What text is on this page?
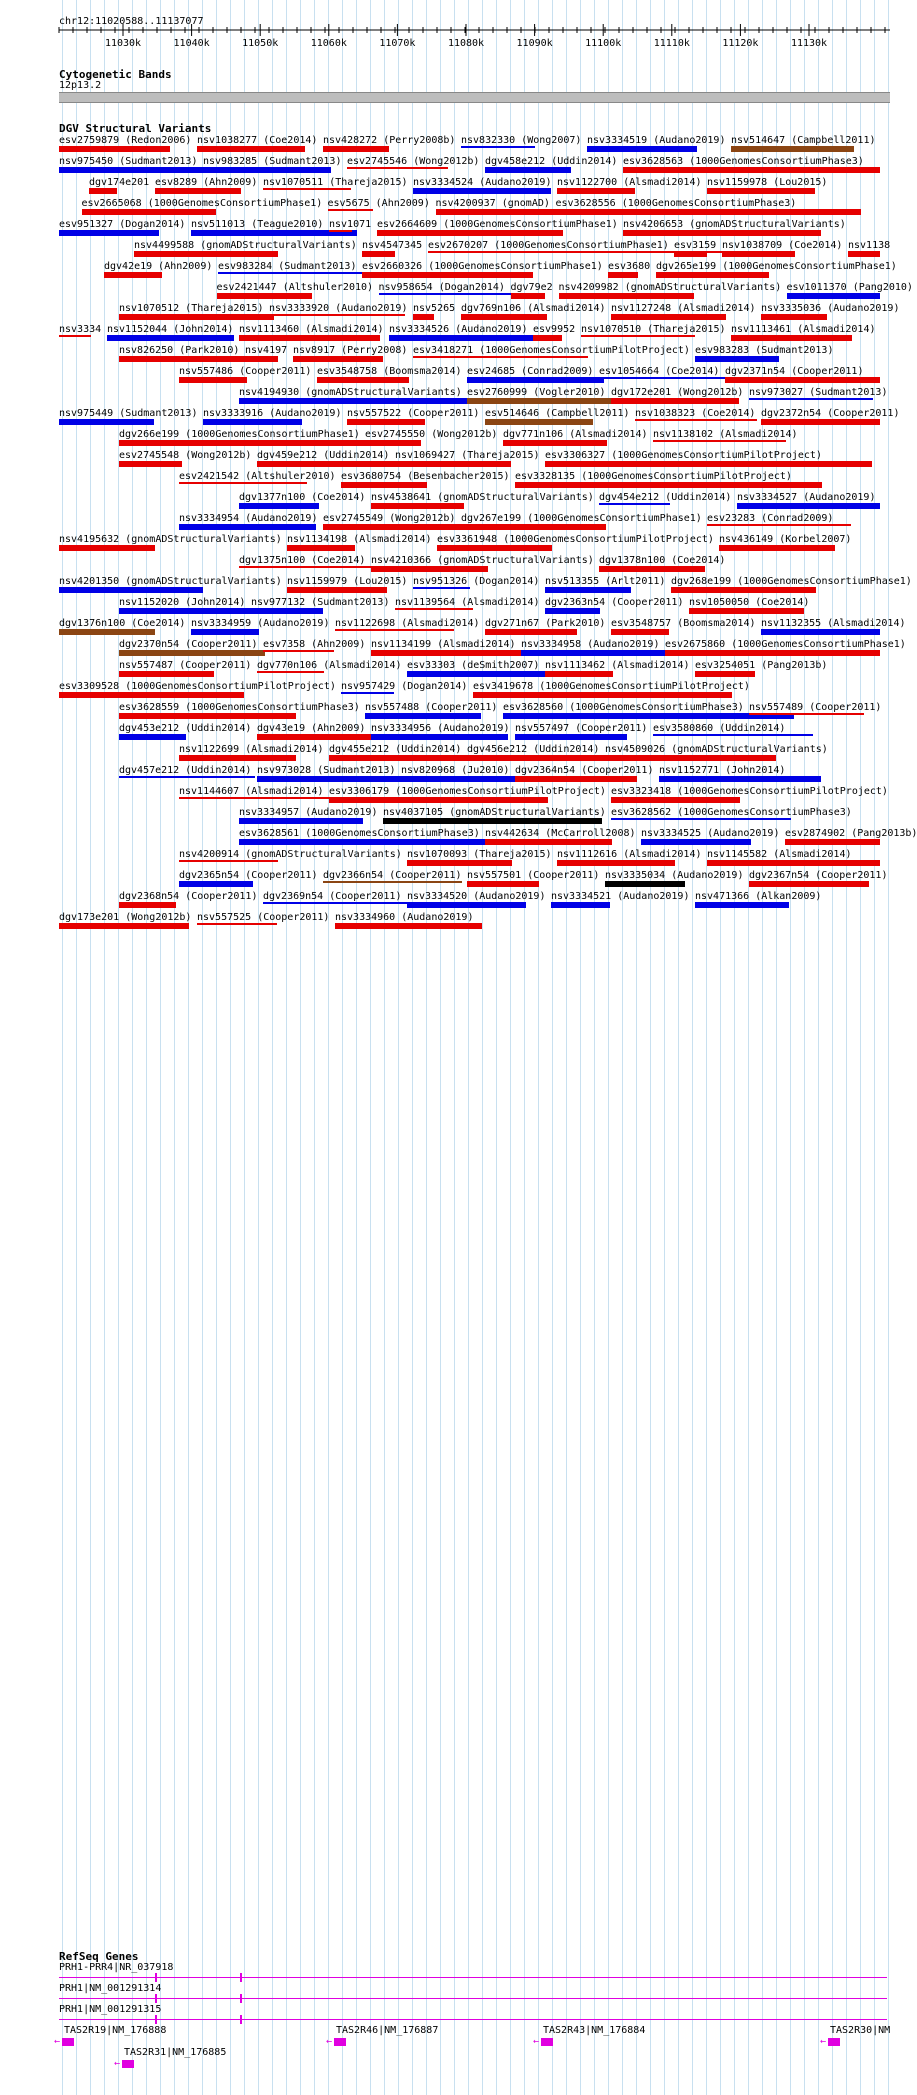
chr12:11020588..11137077
11030k	11040k	11050k	11060k	11070k	11080k	11090k	11100k	11110k	11120k	11130k
Cytogenetic Bands
12p13.2
DGV Structural Variants
esv2759879 (Redon2006) nsv1038277 (Coe2014) nsv428272 (Perry2008b) nsv832330 (Wong2007) nsv3334519 (Audano2019) nsv514647 (Campbell2011)
nsv975450 (Sudmant2013) nsv983285 (Sudmant2013) esv2745546 (Wong2012b) dgv458e212 (Uddin2014) esv3628563 (1000GenomesConsortiumPhase3)
dgv174e201 esv8289 (Ahn2009) nsv1070511 (Thareja2015) nsv3334524 (Audano2019) nsv1122700 (Alsmadi2014) nsv1159978 (Lou2015)
esv2665068 (1000GenomesConsortiumPhase1) esv5675 (Ahn2009) nsv4200937 (gnomAD) esv3628556 (1000GenomesConsortiumPhase3)
esv951327 (Dogan2014) nsv511013 (Teague2010) nsv1071 esv2664609 (1000GenomesConsortiumPhase1) nsv4206653 (gnomADStructuralVariants)
nsv4499588 (gnomADStructuralVariants) nsv4547345 esv2670207 (1000GenomesConsortiumPhase1) esv3159 nsv1038709 (Coe2014) nsv1138
dgv42e19 (Ahn2009) esv983284 (Sudmant2013) esv2660326 (1000GenomesConsortiumPhase1) esv3680 dgv265e199 (1000GenomesConsortiumPhase1)
esv2421447 (Altshuler2010) nsv958654 (Dogan2014) dgv79e2 nsv4209982 (gnomADStructuralVariants) esv1011370 (Pang2010)
nsv1070512 (Thareja2015) nsv3333920 (Audano2019) nsv5265 dgv769n106 (Alsmadi2014) nsv1127248 (Alsmadi2014) nsv3335036 (Audano2019)
nsv3334 nsv1152044 (John2014) nsv1113460 (Alsmadi2014) nsv3334526 (Audano2019) esv9952 nsv1070510 (Thareja2015) nsv1113461 (Alsmadi2014)
nsv826250 (Park2010) nsv4197 nsv8917 (Perry2008) esv3418271 (1000GenomesConsortiumPilotProject) esv983283 (Sudmant2013)
nsv557486 (Cooper2011) esv3548758 (Boomsma2014) esv24685 (Conrad2009) esv1054664 (Coe2014) dgv2371n54 (Cooper2011)
nsv4194930 (gnomADStructuralVariants) esv2760999 (Vogler2010) dgv172e201 (Wong2012b) nsv973027 (Sudmant2013)
nsv975449 (Sudmant2013) nsv3333916 (Audano2019) nsv557522 (Cooper2011) esv514646 (Campbell2011) nsv1038323 (Coe2014) dgv2372n54 (Cooper2011)
dgv266e199 (1000GenomesConsortiumPhase1) esv2745550 (Wong2012b) dgv771n106 (Alsmadi2014) nsv1138102 (Alsmadi2014)
esv2745548 (Wong2012b) dgv459e212 (Uddin2014) nsv1069427 (Thareja2015) esv3306327 (1000GenomesConsortiumPilotProject)
esv2421542 (Altshuler2010) esv3680754 (Besenbacher2015) esv3328135 (1000GenomesConsortiumPilotProject)
dgv1377n100 (Coe2014) nsv4538641 (gnomADStructuralVariants) dgv454e212 (Uddin2014) nsv3334527 (Audano2019)
nsv3334954 (Audano2019) esv2745549 (Wong2012b) dgv267e199 (1000GenomesConsortiumPhase1) esv23283 (Conrad2009)
nsv4195632 (gnomADStructuralVariants) nsv1134198 (Alsmadi2014) esv3361948 (1000GenomesConsortiumPilotProject) nsv436149 (Korbel2007)
dgv1375n100 (Coe2014) nsv4210366 (gnomADStructuralVariants) dgv1378n100 (Coe2014)
nsv4201350 (gnomADStructuralVariants) nsv1159979 (Lou2015) nsv951326 (Dogan2014) nsv513355 (Arlt2011) dgv268e199 (1000GenomesConsortiumPhase1)
nsv1152020 (John2014) nsv977132 (Sudmant2013) nsv1139564 (Alsmadi2014) dgv2363n54 (Cooper2011) nsv1050050 (Coe2014)
dgv1376n100 (Coe2014) nsv3334959 (Audano2019) nsv1122698 (Alsmadi2014) dgv271n67 (Park2010) esv3548757 (Boomsma2014) nsv1132355 (Alsmadi2014)
dgv2370n54 (Cooper2011) esv7358 (Ahn2009) nsv1134199 (Alsmadi2014) nsv3334958 (Audano2019) esv2675860 (1000GenomesConsortiumPhase1)
nsv557487 (Cooper2011) dgv770n106 (Alsmadi2014) esv33303 (deSmith2007) nsv1113462 (Alsmadi2014) esv3254051 (Pang2013b)
esv3309528 (1000GenomesConsortiumPilotProject) nsv957429 (Dogan2014) esv3419678 (1000GenomesConsortiumPilotProject)
esv3628559 (1000GenomesConsortiumPhase3) nsv557488 (Cooper2011) esv3628560 (1000GenomesConsortiumPhase3) nsv557489 (Cooper2011)
dgv453e212 (Uddin2014) dgv43e19 (Ahn2009) nsv3334956 (Audano2019) nsv557497 (Cooper2011) esv3580860 (Uddin2014)
nsv1122699 (Alsmadi2014) dgv455e212 (Uddin2014) dgv456e212 (Uddin2014) nsv4509026 (gnomADStructuralVariants)
dgv457e212 (Uddin2014) nsv973028 (Sudmant2013) nsv820968 (Ju2010) dgv2364n54 (Cooper2011) nsv1152771 (John2014)
nsv1144607 (Alsmadi2014) esv3306179 (1000GenomesConsortiumPilotProject) esv3323418 (1000GenomesConsortiumPilotProject)
nsv3334957 (Audano2019) nsv4037105 (gnomADStructuralVariants) esv3628562 (1000GenomesConsortiumPhase3)
esv3628561 (1000GenomesConsortiumPhase3) nsv442634 (McCarroll2008) nsv3334525 (Audano2019) esv2874902 (Pang2013b)
nsv4200914 (gnomADStructuralVariants) nsv1070093 (Thareja2015) nsv1112616 (Alsmadi2014) nsv1145582 (Alsmadi2014)
dgv2365n54 (Cooper2011) dgv2366n54 (Cooper2011) nsv557501 (Cooper2011) nsv3335034 (Audano2019) dgv2367n54 (Cooper2011)
dgv2368n54 (Cooper2011) dgv2369n54 (Cooper2011) nsv3334520 (Audano2019) nsv3334521 (Audano2019) nsv471366 (Alkan2009)
dgv173e201 (Wong2012b) nsv557525 (Cooper2011) nsv3334960 (Audano2019)
RefSeq Genes
PRH1-PRR4|NR_037918
PRH1|NM_001291314
PRH1|NM_001291315
TAS2R19|NM_176888
←
TAS2R46|NM_176887
←
TAS2R43|NM_176884
←
TAS2R30|NM
←
TAS2R31|NM_176885
←
